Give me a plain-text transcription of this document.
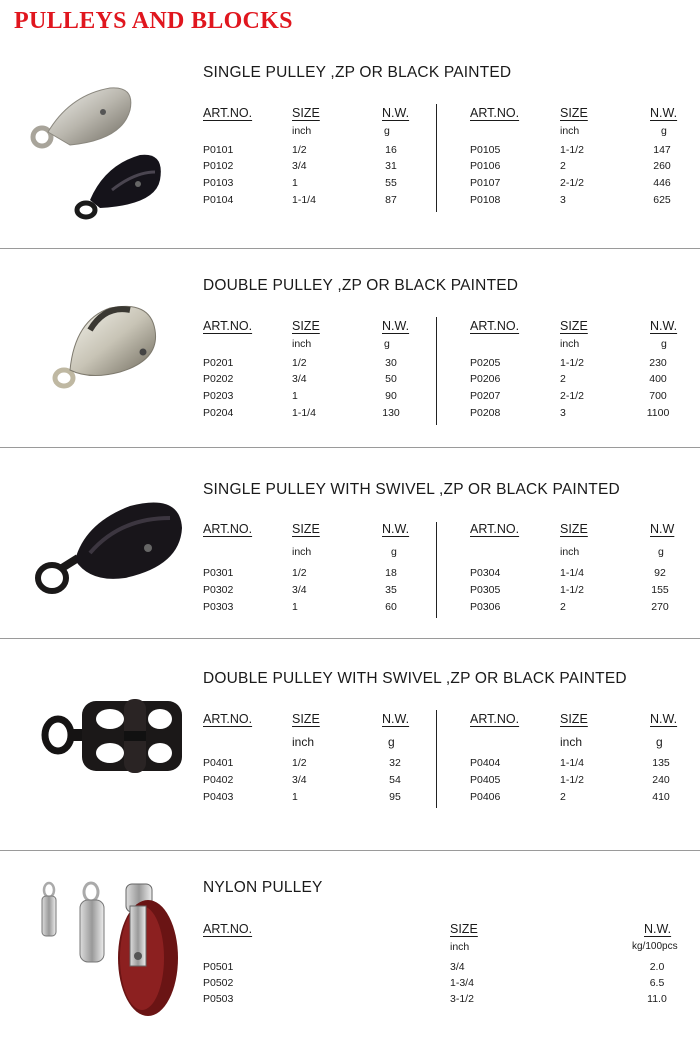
PULLEYS AND BLOCKS
SINGLE PULLEY ,ZP OR BLACK PAINTED
ART.NO.	SIZE	N.W.
inch	g
P0101	1/2	16
P0102	3/4	31
P0103	1	55
P0104	1-1/4	87
ART.NO.	SIZE	N.W.
inch	g
P0105	1-1/2	147
P0106	2	260
P0107	2-1/2	446
P0108	3	625
DOUBLE PULLEY ,ZP OR BLACK PAINTED
ART.NO.	SIZE	N.W.
inch	g
P0201	1/2	30
P0202	3/4	50
P0203	1	90
P0204	1-1/4	130
ART.NO.	SIZE	N.W.
inch	g
P0205	1-1/2	230
P0206	2	400
P0207	2-1/2	700
P0208	3	1100
SINGLE PULLEY WITH SWIVEL ,ZP OR BLACK PAINTED
ART.NO.	SIZE	N.W.
inch	g
P0301	1/2	18
P0302	3/4	35
P0303	1	60
ART.NO.	SIZE	N.W
inch	g
P0304	1-1/4	92
P0305	1-1/2	155
P0306	2	270
DOUBLE PULLEY WITH SWIVEL ,ZP OR BLACK PAINTED
ART.NO.	SIZE	N.W.
inch	g
P0401	1/2	32
P0402	3/4	54
P0403	1	95
ART.NO.	SIZE	N.W.
inch	g
P0404	1-1/4	135
P0405	1-1/2	240
P0406	2	410
NYLON PULLEY
ART.NO.	SIZE	N.W.
inch	kg/100pcs
P0501	3/4	2.0
P0502	1-3/4	6.5
P0503	3-1/2	11.0
